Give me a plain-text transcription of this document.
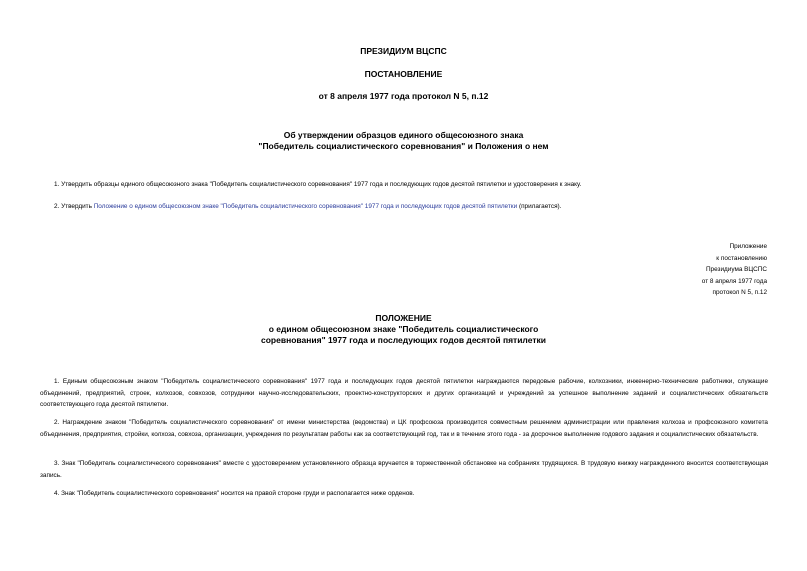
ПРЕЗИДИУМ ВЦСПС
ПОСТАНОВЛЕНИЕ
от 8 апреля 1977 года протокол N 5, п.12
Об утверждении образцов единого общесоюзного знака
"Победитель социалистического соревнования" и Положения о нем
1. Утвердить образцы единого общесоюзного знака "Победитель социалистического соревнования" 1977 года и последующих годов десятой пятилетки и удостоверения к знаку.
2. Утвердить Положение о едином общесоюзном знаке "Победитель социалистического соревнования" 1977 года и последующих годов десятой пятилетки (прилагается).
Приложение
к постановлению
Президиума ВЦСПС
от 8 апреля 1977 года
протокол N 5, п.12
ПОЛОЖЕНИЕ
о едином общесоюзном знаке "Победитель социалистического
соревнования" 1977 года и последующих годов десятой пятилетки
1. Единым общесоюзным знаком "Победитель социалистического соревнования" 1977 года и последующих годов десятой пятилетки награждаются передовые рабочие, колхозники, инженерно-технические работники, служащие объединений, предприятий, строек, колхозов, совхозов, сотрудники научно-исследовательских, проектно-конструкторских и других организаций и учреждений за успешное выполнение заданий и социалистических обязательств соответствующего года десятой пятилетки.
2. Награждение знаком "Победитель социалистического соревнования" от имени министерства (ведомства) и ЦК профсоюза производится совместным решением администрации или правления колхоза и профсоюзного комитета объединения, предприятия, стройки, колхоза, совхоза, организации, учреждения по результатам работы как за соответствующий год, так и в течение этого года - за досрочное выполнение годового задания и социалистических обязательств.
3. Знак "Победитель социалистического соревнования" вместе с удостоверением установленного образца вручается в торжественной обстановке на собраниях трудящихся. В трудовую книжку награжденного вносится соответствующая запись.
4. Знак "Победитель социалистического соревнования" носится на правой стороне груди и располагается ниже орденов.
